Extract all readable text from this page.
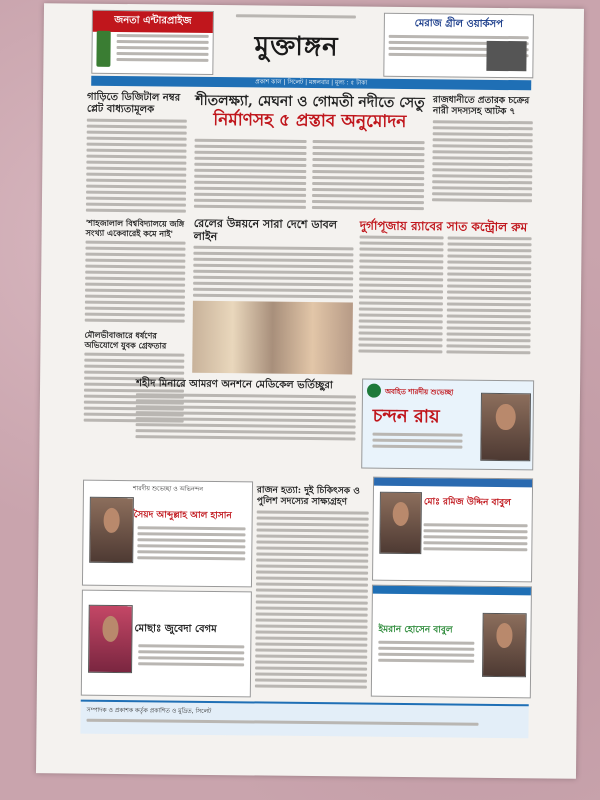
জনতা এন্টারপ্রাইজ
মুক্তাঙ্গন
মেরাজ গ্রীল ওয়ার্কসপ
প্রকাশ কাল | সিলেট | মঙ্গলবার | মূল্য : ৫ টাকা
গাড়িতে ডিজিটাল নম্বর প্লেট বাধ্যতামূলক	শীতলক্ষ্যা, মেঘনা ও গোমতী নদীতে সেতু
নির্মাণসহ ৫ প্রস্তাব অনুমোদন
রাজধানীতে প্রতারক চক্রের নারী সদস্যসহ আটক ৭
রেলের উন্নয়নে সারা দেশে ডাবল লাইন
দুর্গাপূজায় র‍্যাবের সাত কন্ট্রোল রুম
'শাহজালাল বিশ্ববিদ্যালয়ে জঙ্গি সংখ্যা একেবারেই কমে নাই'
মৌলভীবাজারে ধর্ষণের অভিযোগে যুবক গ্রেফতার
শহীদ মিনারে আমরণ অনশনে মেডিকেল ভর্তিচ্ছুরা
অবহিত শারদীয় শুভেচ্ছা
চন্দন রায়
শারদীয় শুভেচ্ছা ও অভিনন্দন
সৈয়দ আব্দুল্লাহ আল হাসান
রাজন হত্যা: দুই চিকিৎসক ও পুলিশ সদস্যের সাক্ষ্যগ্রহণ	মোঃ রমিজ উদ্দিন বাবুল
মোছাঃ জুবেদা বেগম	ইমরান হোসেন বাবুল
সম্পাদক ও প্রকাশক কর্তৃক প্রকাশিত ও মুদ্রিত, সিলেট
